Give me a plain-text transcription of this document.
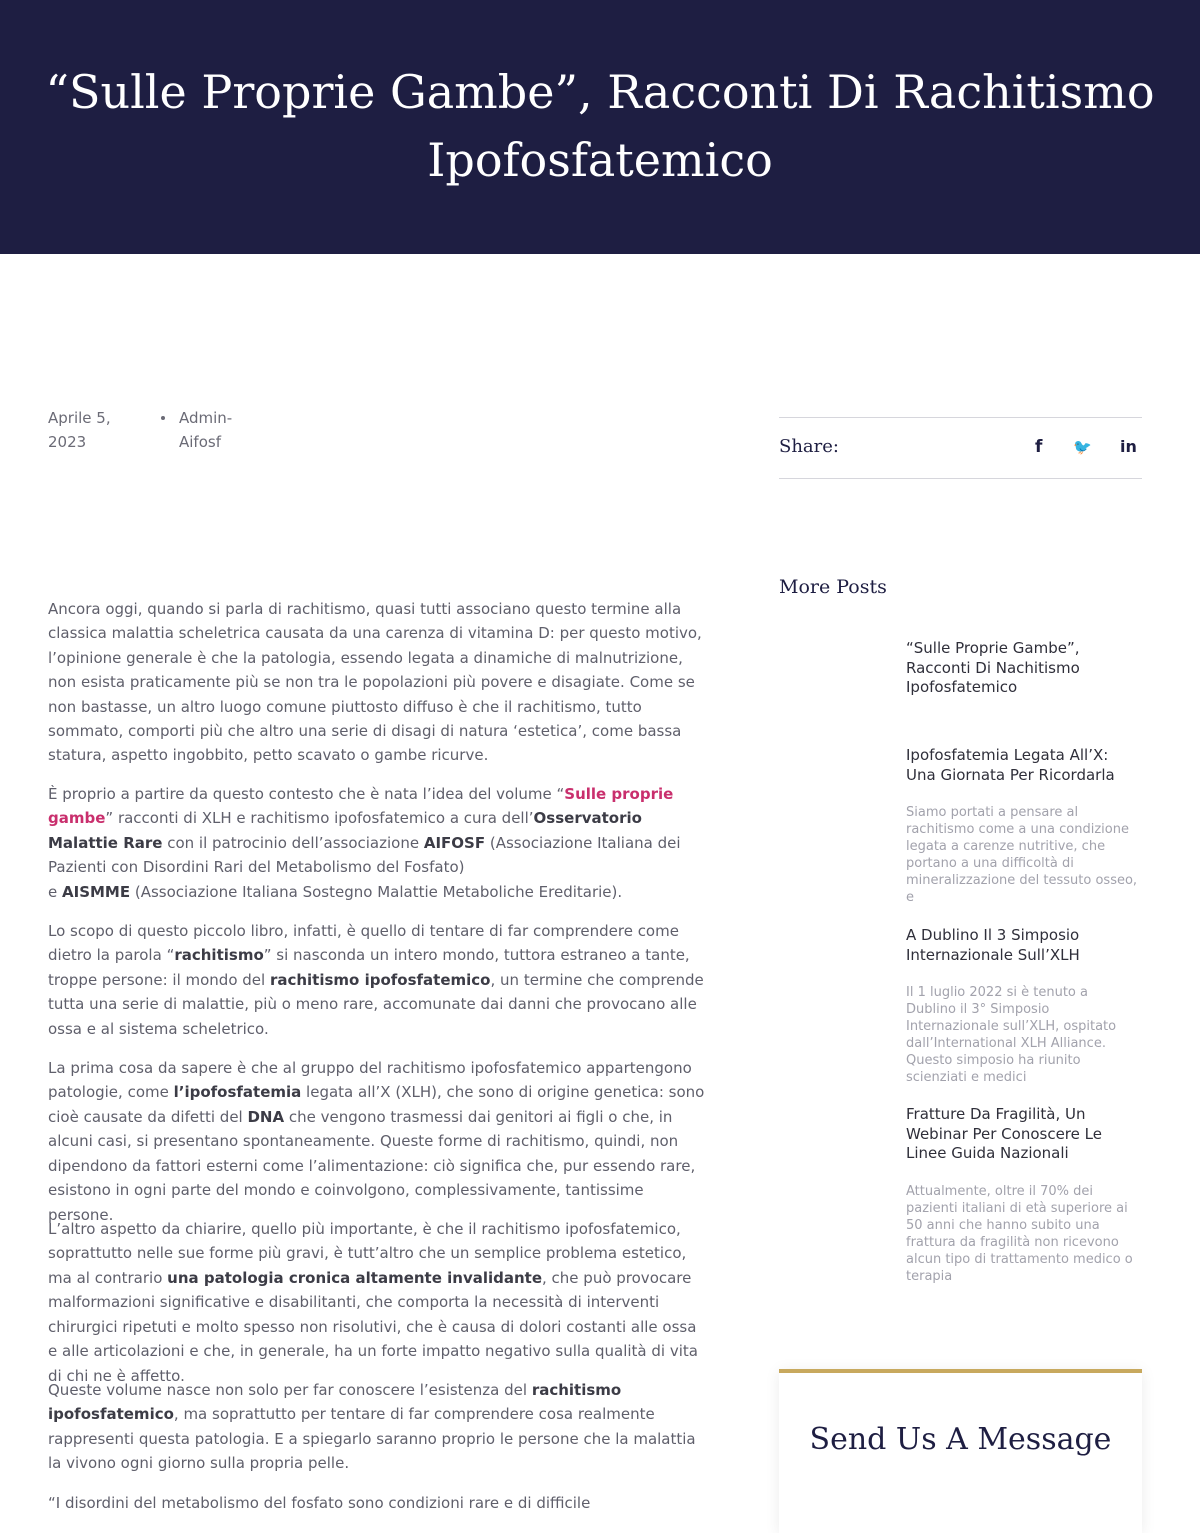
“Sulle Proprie Gambe”, Racconti Di Rachitismo Ipofosfatemico
Aprile 5, 2023
Admin-Aifosf	Share:	f 🐦 in

Ancora oggi, quando si parla di rachitismo, quasi tutti associano questo termine alla classica malattia scheletrica causata da una carenza di vitamina D: per questo motivo, l’opinione generale è che la patologia, essendo legata a dinamiche di malnutrizione, non esista praticamente più se non tra le popolazioni più povere e disagiate. Come se non bastasse, un altro luogo comune piuttosto diffuso è che il rachitismo, tutto sommato, comporti più che altro una serie di disagi di natura ‘estetica’, come bassa statura, aspetto ingobbito, petto scavato o gambe ricurve.

È proprio a partire da questo contesto che è nata l’idea del volume “Sulle proprie gambe” racconti di XLH e rachitismo ipofosfatemico a cura dell’Osservatorio Malattie Rare con il patrocinio dell’associazione AIFOSF (Associazione Italiana dei Pazienti con Disordini Rari del Metabolismo del Fosfato)
e AISMME (Associazione Italiana Sostegno Malattie Metaboliche Ereditarie).

Lo scopo di questo piccolo libro, infatti, è quello di tentare di far comprendere come dietro la parola “rachitismo” si nasconda un intero mondo, tuttora estraneo a tante, troppe persone: il mondo del rachitismo ipofosfatemico, un termine che comprende tutta una serie di malattie, più o meno rare, accomunate dai danni che provocano alle ossa e al sistema scheletrico.

La prima cosa da sapere è che al gruppo del rachitismo ipofosfatemico appartengono patologie, come l’ipofosfatemia legata all’X (XLH), che sono di origine genetica: sono cioè causate da difetti del DNA che vengono trasmessi dai genitori ai figli o che, in alcuni casi, si presentano spontaneamente. Queste forme di rachitismo, quindi, non dipendono da fattori esterni come l’alimentazione: ciò significa che, pur essendo rare, esistono in ogni parte del mondo e coinvolgono, complessivamente, tantissime persone.

L’altro aspetto da chiarire, quello più importante, è che il rachitismo ipofosfatemico, soprattutto nelle sue forme più gravi, è tutt’altro che un semplice problema estetico, ma al contrario una patologia cronica altamente invalidante, che può provocare malformazioni significative e disabilitanti, che comporta la necessità di interventi chirurgici ripetuti e molto spesso non risolutivi, che è causa di dolori costanti alle ossa e alle articolazioni e che, in generale, ha un forte impatto negativo sulla qualità di vita di chi ne è affetto.

Queste volume nasce non solo per far conoscere l’esistenza del rachitismo ipofosfatemico, ma soprattutto per tentare di far comprendere cosa realmente rappresenti questa patologia. E a spiegarlo saranno proprio le persone che la malattia la vivono ogni giorno sulla propria pelle.

“I disordini del metabolismo del fosfato sono condizioni rare e di difficile

More Posts

“Sulle Proprie Gambe”, Racconti Di Nachitismo Ipofosfatemico

Ipofosfatemia Legata All’X: Una Giornata Per Ricordarla

Siamo portati a pensare al rachitismo come a una condizione legata a carenze nutritive, che portano a una difficoltà di mineralizzazione del tessuto osseo, e

A Dublino Il 3 Simposio Internazionale Sull’XLH

Il 1 luglio 2022 si è tenuto a Dublino il 3° Simposio Internazionale sull’XLH, ospitato dall’International XLH Alliance. Questo simposio ha riunito scienziati e medici

Fratture Da Fragilità, Un Webinar Per Conoscere Le Linee Guida Nazionali

Attualmente, oltre il 70% dei pazienti italiani di età superiore ai 50 anni che hanno subito una frattura da fragilità non ricevono alcun tipo di trattamento medico o terapia
Send Us A Message
